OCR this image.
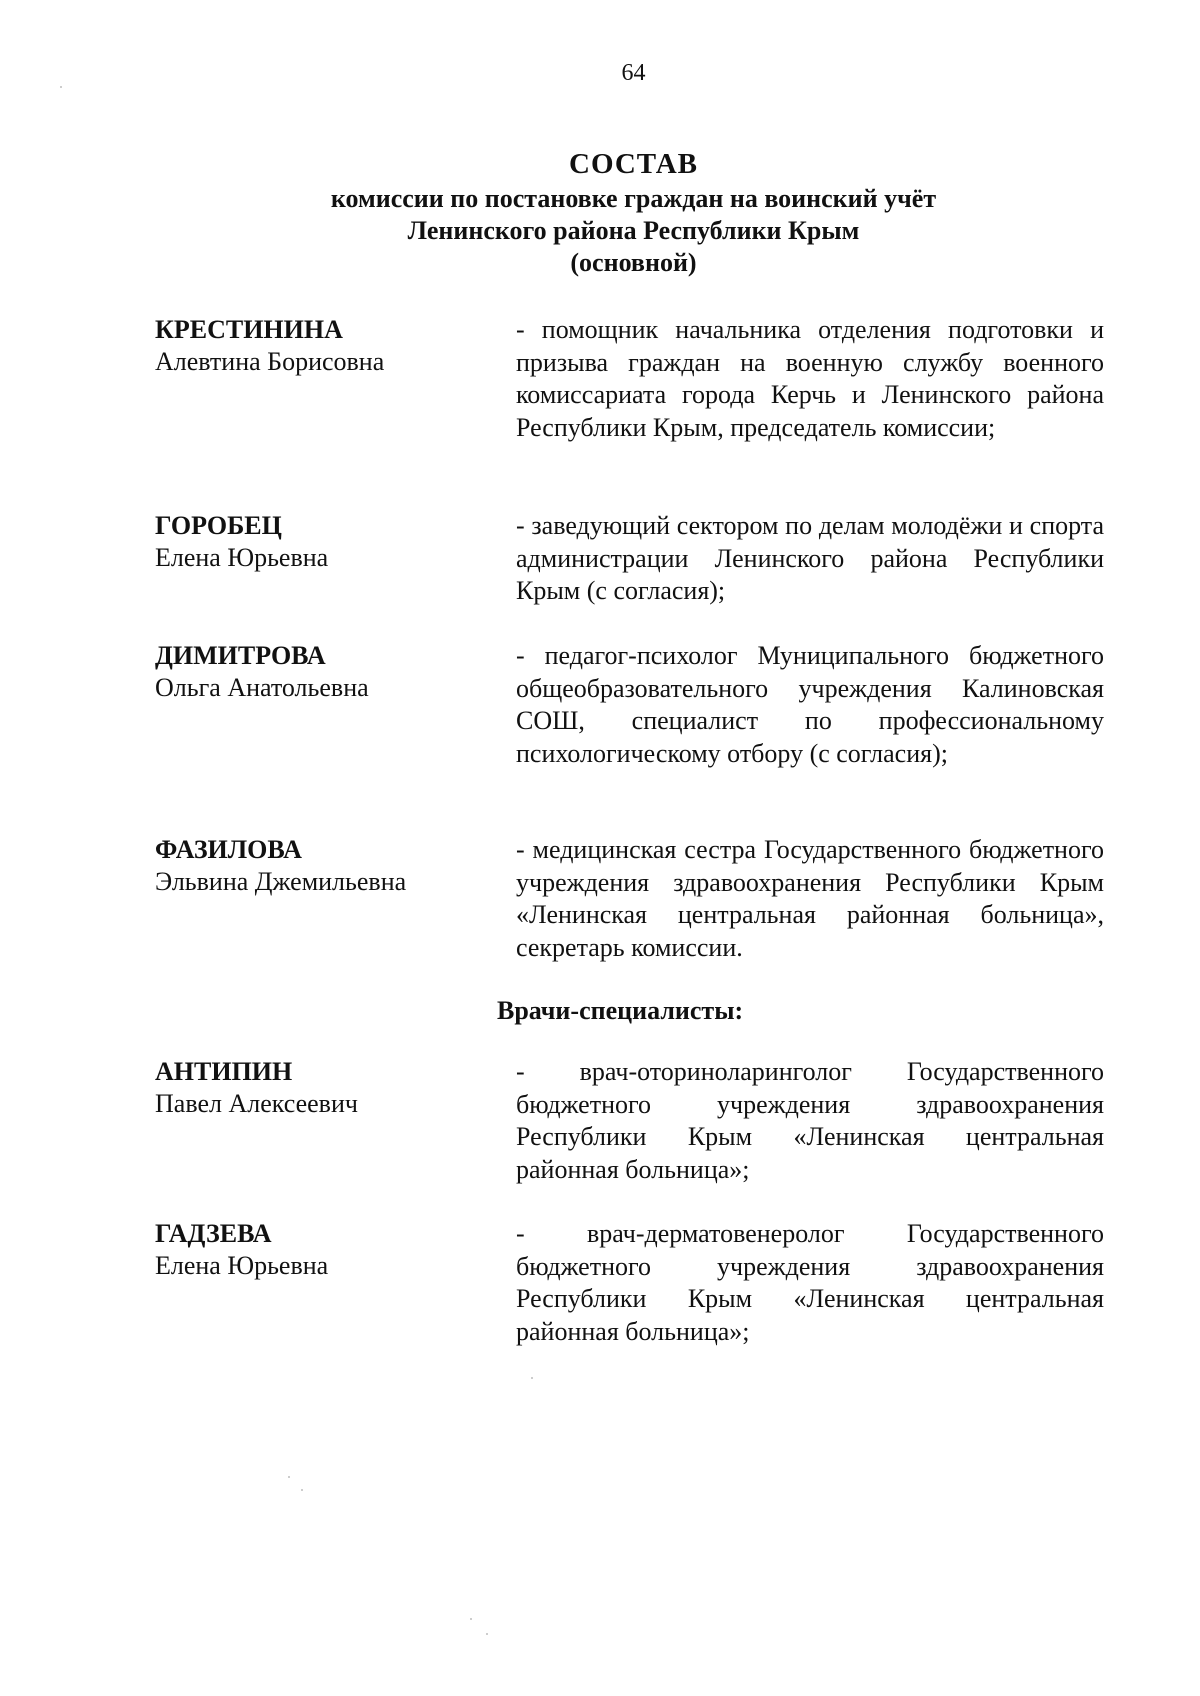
64
СОСТАВ
комиссии по постановке граждан на воинский учёт
Ленинского района Республики Крым
(основной)
КРЕСТИНИНА
Алевтина Борисовна
- помощник начальника отделения подготовки и призыва граждан на военную службу военного комиссариата города Керчь и Ленинского района Республики Крым, председатель комиссии;
ГОРОБЕЦ
Елена Юрьевна
- заведующий сектором по делам молодёжи и спорта администрации Ленинского района Республики Крым (с согласия);
ДИМИТРОВА
Ольга Анатольевна
- педагог-психолог Муниципального бюджетного общеобразовательного учреждения Калиновская СОШ, специалист по профессиональному психологическому отбору (с согласия);
ФАЗИЛОВА
Эльвина Джемильевна
- медицинская сестра Государственного бюджетного учреждения здравоохранения Республики Крым «Ленинская центральная районная больница», секретарь комиссии.
Врачи-специалисты:
АНТИПИН
Павел Алексеевич
- врач-оториноларинголог Государственного бюджетного учреждения здравоохранения Республики Крым «Ленинская центральная районная больница»;
ГАДЗЕВА
Елена Юрьевна
- врач-дерматовенеролог Государственного бюджетного учреждения здравоохранения Республики Крым «Ленинская центральная районная больница»;
